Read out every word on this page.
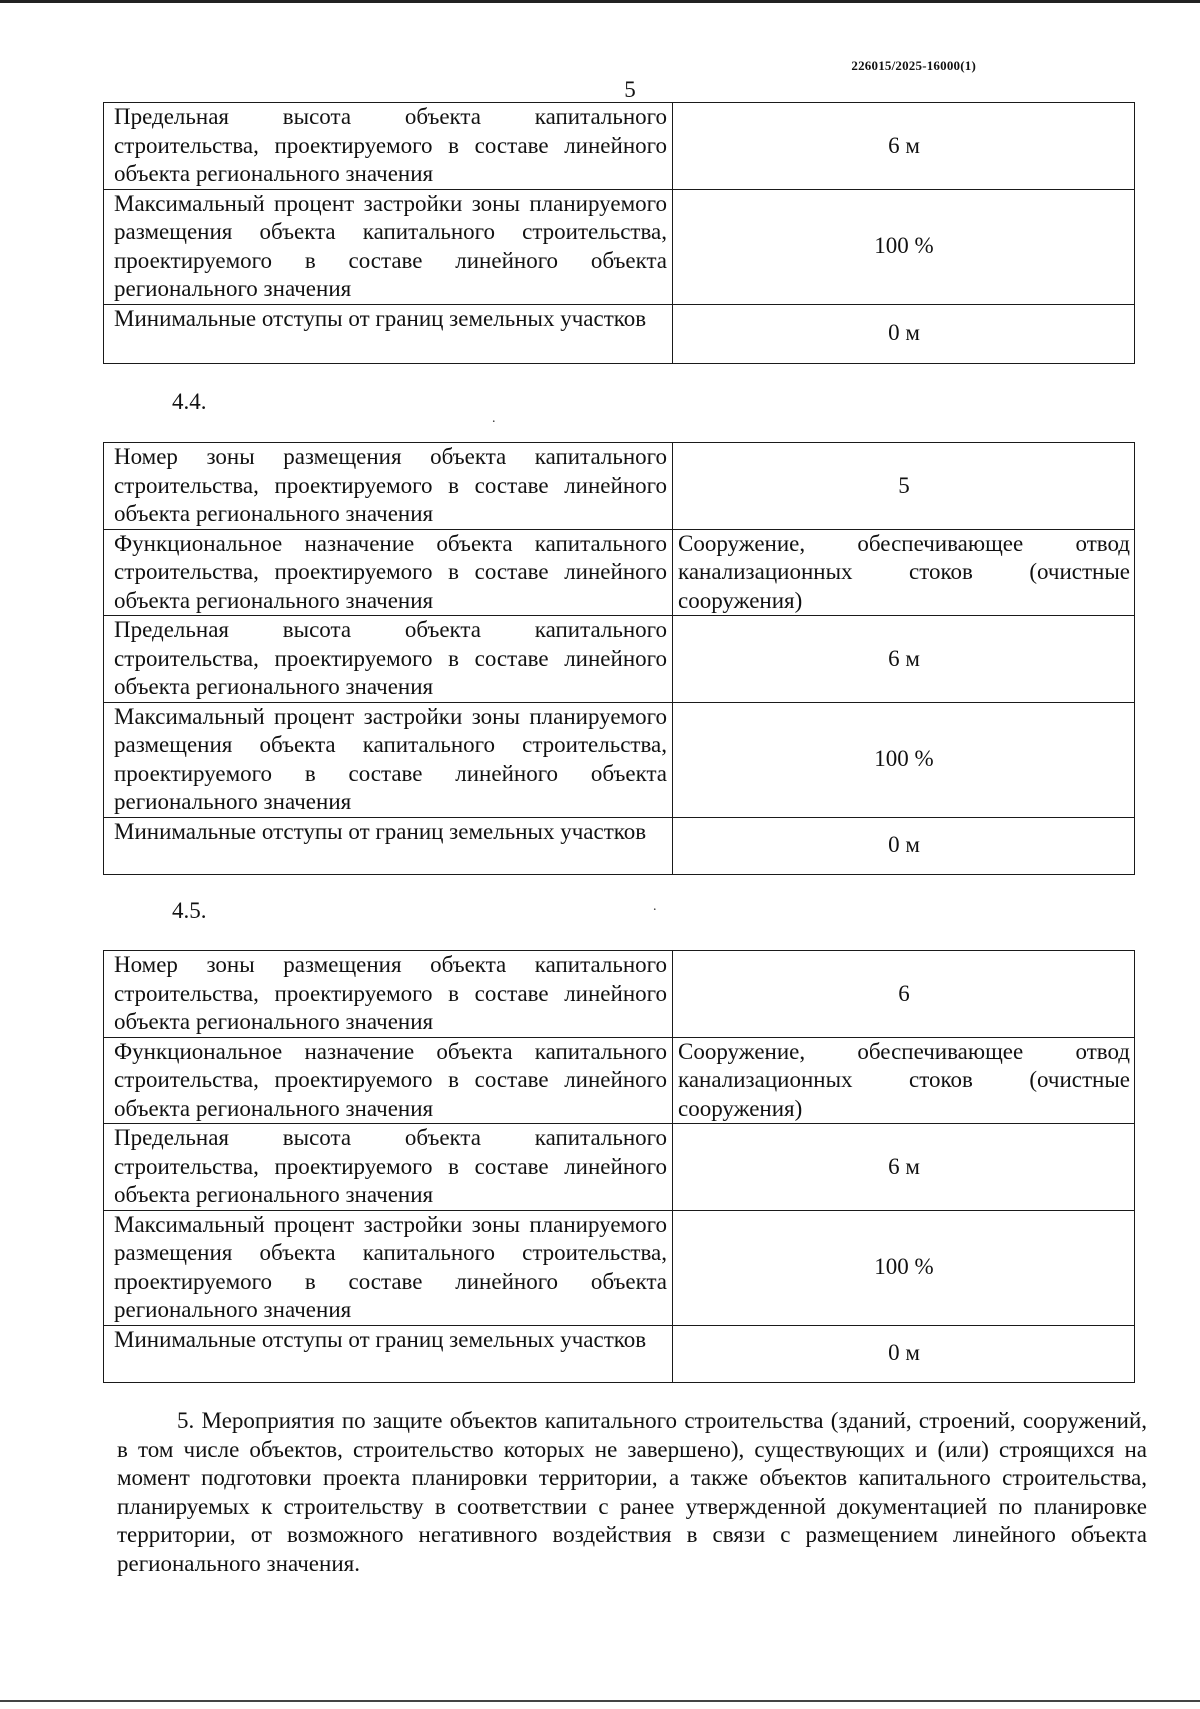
226015/2025-16000(1)
5
Предельная высота объекта капитального строительства, проектируемого в составе линейного объекта регионального значения	6 м
Максимальный процент застройки зоны планируемого размещения объекта капитального строительства, проектируемого в составе линейного объекта регионального значения	100 %
Минимальные отступы от границ земельных участков	0 м
4.4.
.
Номер зоны размещения объекта капитального строительства, проектируемого в составе линейного объекта регионального значения	5
Функциональное назначение объекта капитального строительства, проектируемого в составе линейного объекта регионального значения	Сооружение, обеспечивающее отвод канализационных стоков (очистные сооружения)
Предельная высота объекта капитального строительства, проектируемого в составе линейного объекта регионального значения	6 м
Максимальный процент застройки зоны планируемого размещения объекта капитального строительства, проектируемого в составе линейного объекта регионального значения	100 %
Минимальные отступы от границ земельных участков	0 м
4.5.	.
Номер зоны размещения объекта капитального строительства, проектируемого в составе линейного объекта регионального значения	6
Функциональное назначение объекта капитального строительства, проектируемого в составе линейного объекта регионального значения	Сооружение, обеспечивающее отвод канализационных стоков (очистные сооружения)
Предельная высота объекта капитального строительства, проектируемого в составе линейного объекта регионального значения	6 м
Максимальный процент застройки зоны планируемого размещения объекта капитального строительства, проектируемого в составе линейного объекта регионального значения	100 %
Минимальные отступы от границ земельных участков	0 м
5. Мероприятия по защите объектов капитального строительства (зданий, строений, сооружений, в том числе объектов, строительство которых не завершено), существующих и (или) строящихся на момент подготовки проекта планировки территории, а также объектов капитального строительства, планируемых к строительству в соответствии с ранее утвержденной документацией по планировке территории, от возможного негативного воздействия в связи с размещением линейного объекта регионального значения.
